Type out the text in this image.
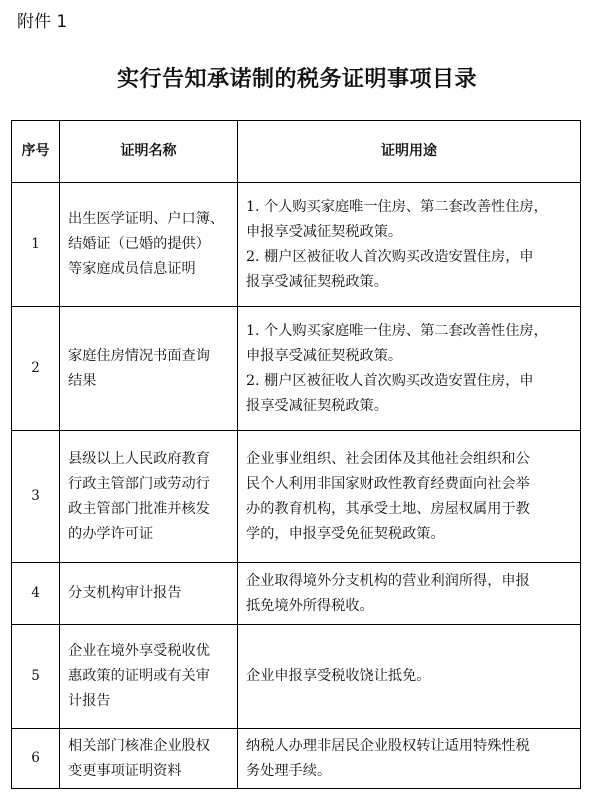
附件 1
实行告知承诺制的税务证明事项目录
序号	证明名称	证明用途
1	出生医学证明、户口簿、
结婚证（已婚的提供）
等家庭成员信息证明	1. 个人购买家庭唯一住房、第二套改善性住房，
申报享受减征契税政策。
2. 棚户区被征收人首次购买改造安置住房，申
报享受减征契税政策。

2	家庭住房情况书面查询
结果	1. 个人购买家庭唯一住房、第二套改善性住房，
申报享受减征契税政策。
2. 棚户区被征收人首次购买改造安置住房，申
报享受减征契税政策。

3	县级以上人民政府教育
行政主管部门或劳动行
政主管部门批准并核发
的办学许可证	企业事业组织、社会团体及其他社会组织和公
民个人利用非国家财政性教育经费面向社会举
办的教育机构，其承受土地、房屋权属用于教
学的，申报享受免征契税政策。

4	分支机构审计报告	企业取得境外分支机构的营业利润所得，申报
抵免境外所得税收。

5	企业在境外享受税收优
惠政策的证明或有关审
计报告	企业申报享受税收饶让抵免。

6	相关部门核准企业股权
变更事项证明资料	纳税人办理非居民企业股权转让适用特殊性税
务处理手续。
